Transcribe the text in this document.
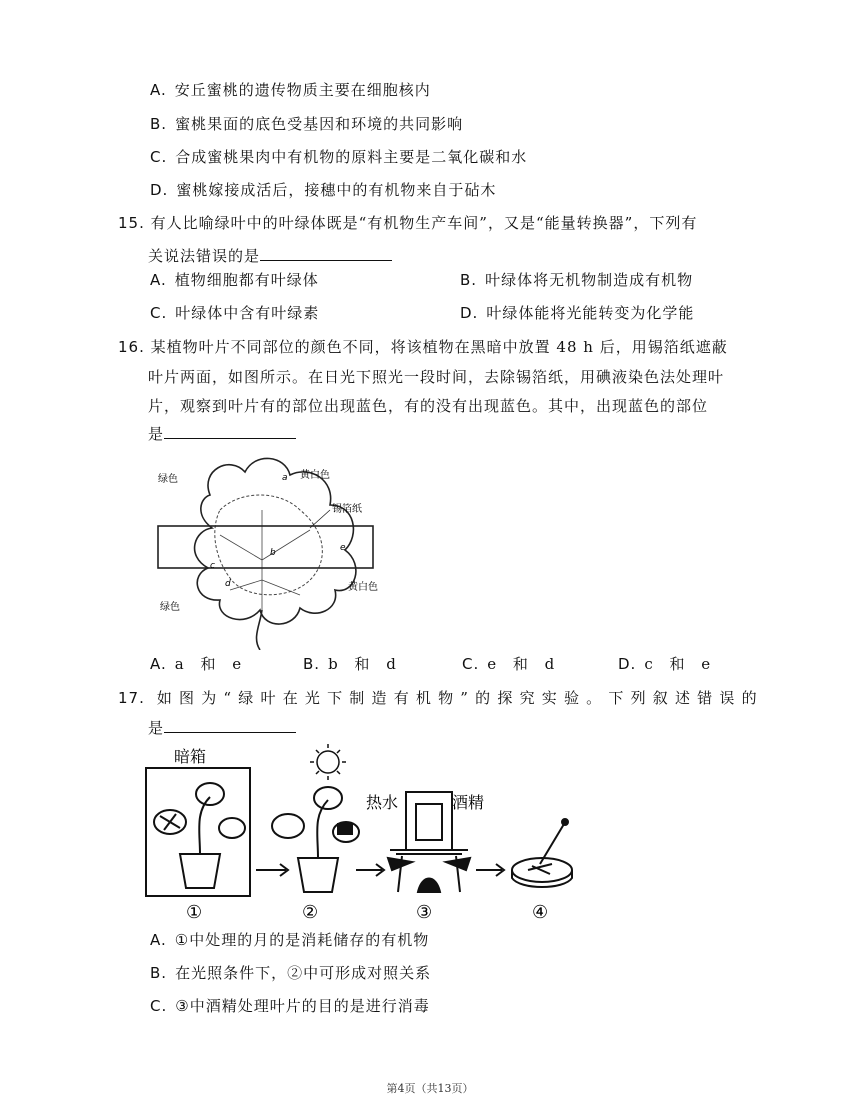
A. 安丘蜜桃的遗传物质主要在细胞核内
B. 蜜桃果面的底色受基因和环境的共同影响
C. 合成蜜桃果肉中有机物的原料主要是二氧化碳和水
D. 蜜桃嫁接成活后，接穗中的有机物来自于砧木
15. 有人比喻绿叶中的叶绿体既是“有机物生产车间”，又是“能量转换器”，下列有
关说法错误的是
A. 植物细胞都有叶绿体	B. 叶绿体将无机物制造成有机物
C. 叶绿体中含有叶绿素	D. 叶绿体能将光能转变为化学能
16. 某植物叶片不同部位的颜色不同，将该植物在黑暗中放置 48 h 后，用锡箔纸遮蔽
叶片两面，如图所示。在日光下照光一段时间，去除锡箔纸，用碘液染色法处理叶
片，观察到叶片有的部位出现蓝色，有的没有出现蓝色。其中，出现蓝色的部位
是
绿色	黄白色
锡箔纸
黄白色
绿色
a
b
c
d
e
A. a 和 e	B. b 和 d	C. e 和 d	D. c 和 e
17. 如图为“绿叶在光下制造有机物”的探究实验。下列叙述错误的
是
暗箱
热水	酒精
①	②	③	④
A. ①中处理的月的是消耗储存的有机物
B. 在光照条件下，②中可形成对照关系
C. ③中酒精处理叶片的目的是进行消毒
第4页（共13页）
